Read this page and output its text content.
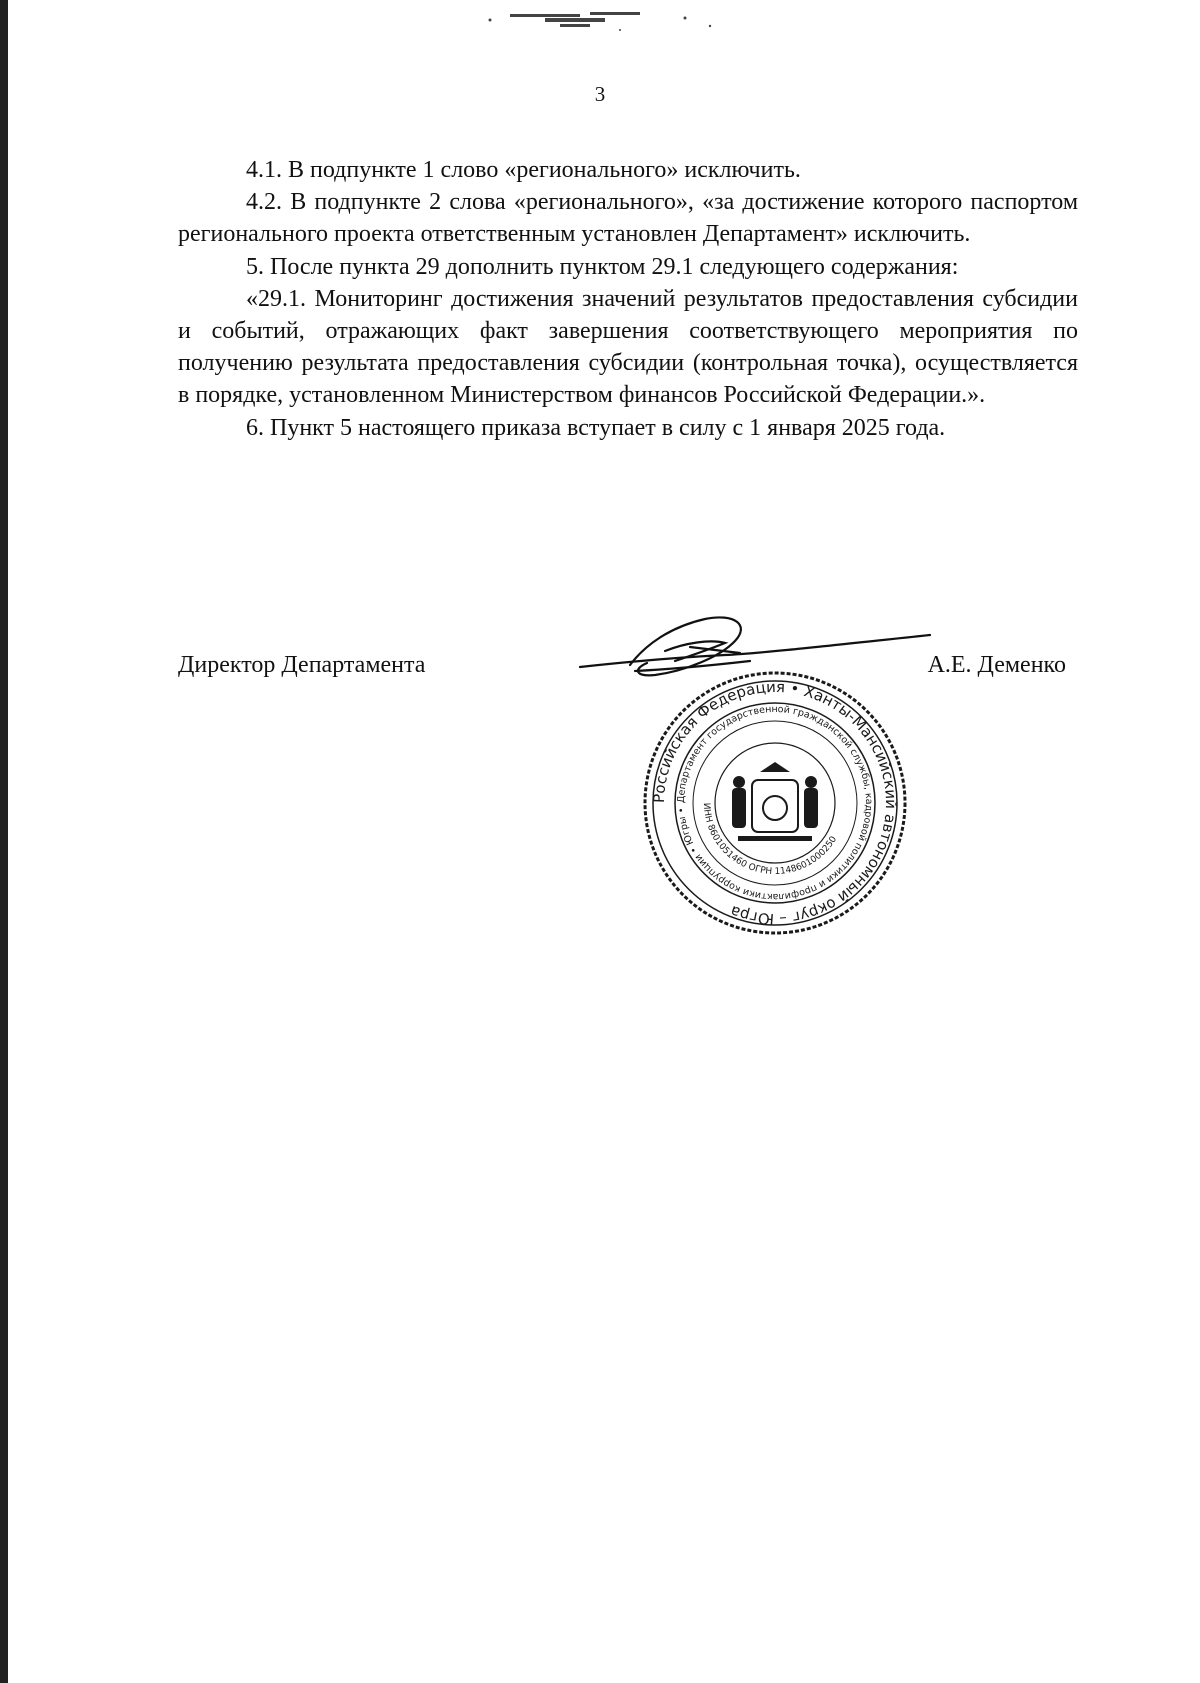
3

4.1. В подпункте 1 слово «регионального» исключить.

4.2. В подпункте 2 слова «регионального», «за достижение которого паспортом регионального проекта ответственным установлен Департамент» исключить.

5. После пункта 29 дополнить пунктом 29.1 следующего содержания:

«29.1. Мониторинг достижения значений результатов предоставления субсидии и событий, отражающих факт завершения соответствующего мероприятия по получению результата предоставления субсидии (контрольная точка), осуществляется в порядке, установленном Министерством финансов Российской Федерации.».

6. Пункт 5 настоящего приказа вступает в силу с 1 января 2025 года.

Директор Департамента	А.Е. Деменко
Российская Федерация • Ханты-Мансийский автономный округ – Югра
Департамент государственной гражданской службы, кадровой политики и профилактики коррупции • Югры •
ИНН 8601051460 ОГРН 1148601000250
